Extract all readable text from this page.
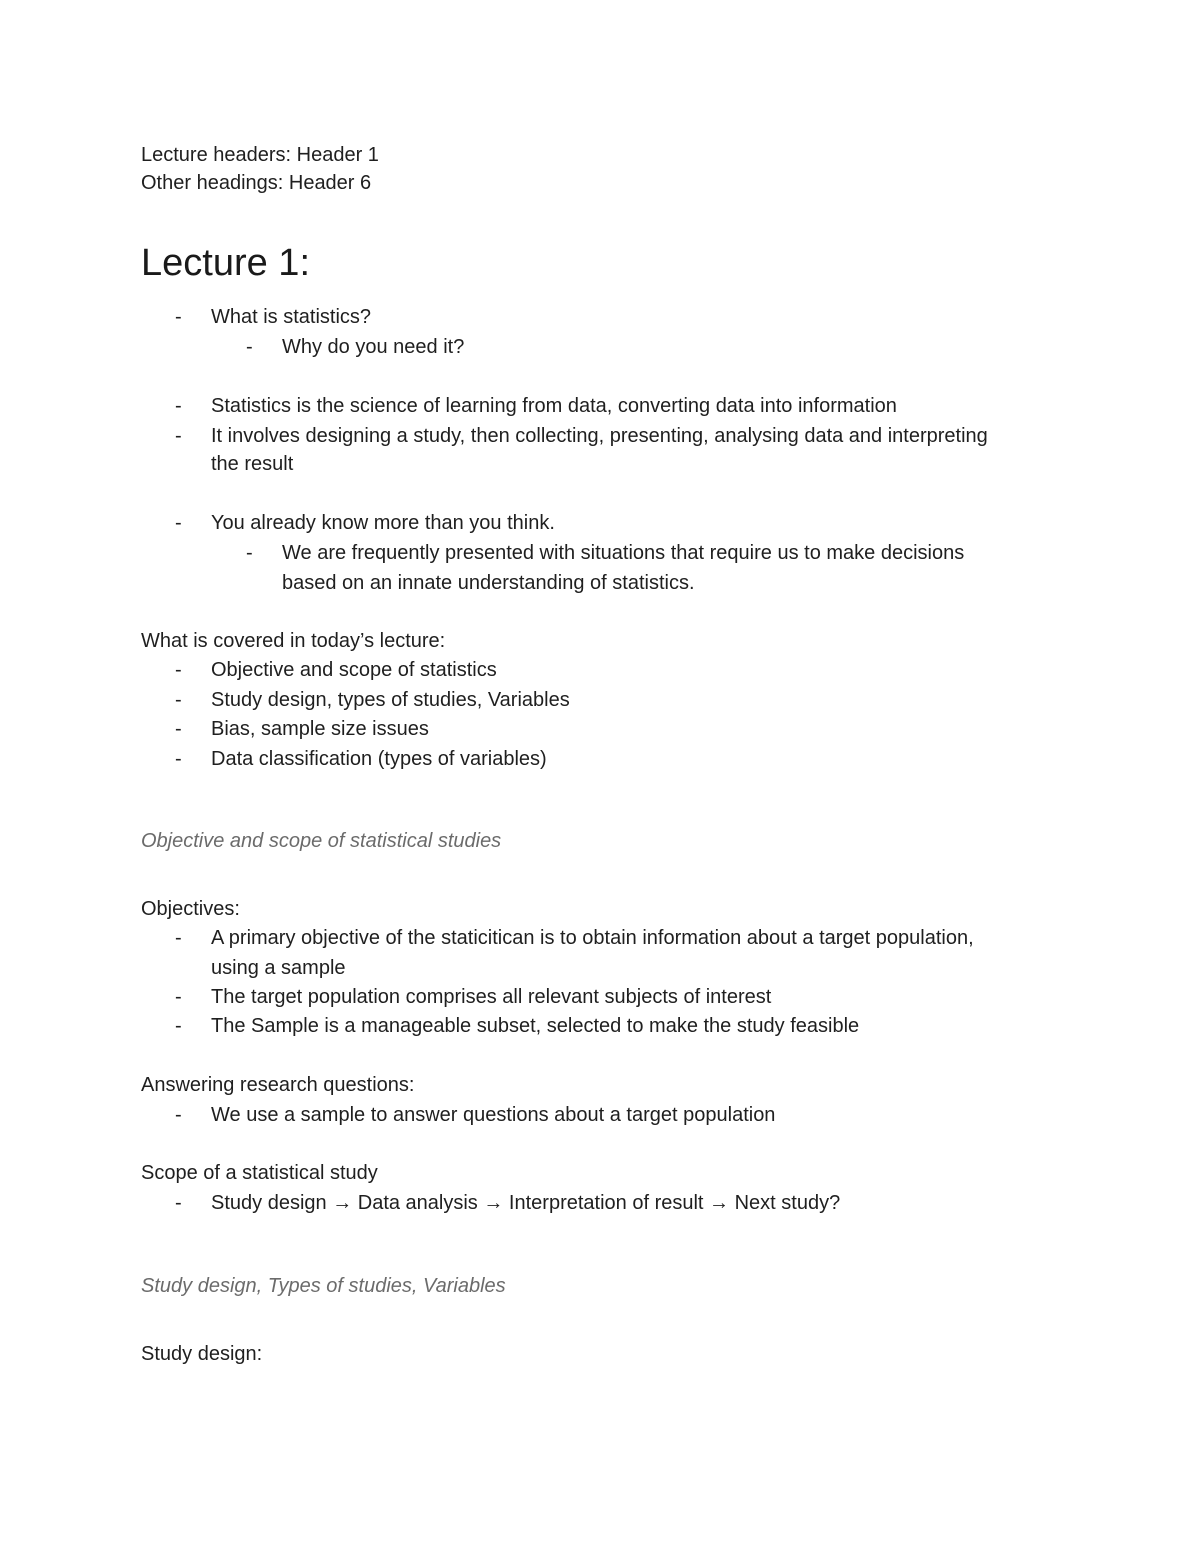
Lecture headers: Header 1
Other headings: Header 6
Lecture 1:
- What is statistics?
- Why do you need it?
- Statistics is the science of learning from data, converting data into information
- It involves designing a study, then collecting, presenting, analysing data and interpreting
the result
- You already know more than you think.
- We are frequently presented with situations that require us to make decisions
based on an innate understanding of statistics.
What is covered in today’s lecture:
- Objective and scope of statistics
- Study design, types of studies, Variables
- Bias, sample size issues
- Data classification (types of variables)
Objective and scope of statistical studies
Objectives:
- A primary objective of the staticitican is to obtain information about a target population,
using a sample
- The target population comprises all relevant subjects of interest
- The Sample is a manageable subset, selected to make the study feasible
Answering research questions:
- We use a sample to answer questions about a target population
Scope of a statistical study
- Study design → Data analysis → Interpretation of result → Next study?
Study design, Types of studies, Variables
Study design:
